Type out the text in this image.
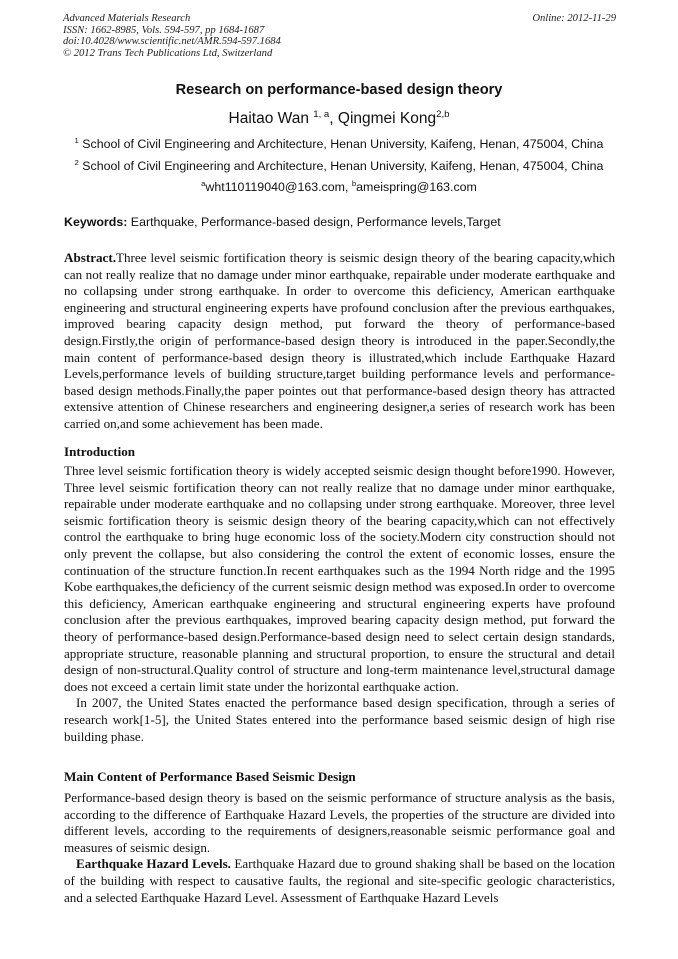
Advanced Materials Research
ISSN: 1662-8985, Vols. 594-597, pp 1684-1687
doi:10.4028/www.scientific.net/AMR.594-597.1684
© 2012 Trans Tech Publications Ltd, Switzerland
Online: 2012-11-29
Research on performance-based design theory
Haitao Wan $^{1, a}$, Qingmei Kong$^{2,b}$
$^1$ School of Civil Engineering and Architecture, Henan University, Kaifeng, Henan, 475004, China
$^2$ School of Civil Engineering and Architecture, Henan University, Kaifeng, Henan, 475004, China
$^a$wht110119040@163.com, $^b$ameispring@163.com
Keywords: Earthquake, Performance-based design, Performance levels,Target

Abstract.Three level seismic fortification theory is seismic design theory of the bearing capacity,which can not really realize that no damage under minor earthquake, repairable under moderate earthquake and no collapsing under strong earthquake. In order to overcome this deficiency, American earthquake engineering and structural engineering experts have profound conclusion after the previous earthquakes, improved bearing capacity design method, put forward the theory of performance-based design.Firstly,the origin of performance-based design theory is introduced in the paper.Secondly,the main content of performance-based design theory is illustrated,which include Earthquake Hazard Levels,performance levels of building structure,target building performance levels and performance- based design methods.Finally,the paper pointes out that performance-based design theory has attracted extensive attention of Chinese researchers and engineering designer,a series of research work has been carried on,and some achievement has been made.

Introduction

Three level seismic fortification theory is widely accepted seismic design thought before1990. However, Three level seismic fortification theory can not really realize that no damage under minor earthquake, repairable under moderate earthquake and no collapsing under strong earthquake. Moreover, three level seismic fortification theory is seismic design theory of the bearing capacity,which can not effectively control the earthquake to bring huge economic loss of the society.Modern city construction should not only prevent the collapse, but also considering the control the extent of economic losses, ensure the continuation of the structure function.In recent earthquakes such as the 1994 North ridge and the 1995 Kobe earthquakes,the deficiency of the current seismic design method was exposed.In order to overcome this deficiency, American earthquake engineering and structural engineering experts have profound conclusion after the previous earthquakes, improved bearing capacity design method, put forward the theory of performance-based design.Performance-based design need to select certain design standards, appropriate structure, reasonable planning and structural proportion, to ensure the structural and detail design of non-structural.Quality control of structure and long-term maintenance level,structural damage does not exceed a certain limit state under the horizontal earthquake action.

In 2007, the United States enacted the performance based design specification, through a series of research work[1-5], the United States entered into the performance based seismic design of high rise building phase.

Main Content of Performance Based Seismic Design

Performance-based design theory is based on the seismic performance of structure analysis as the basis, according to the difference of Earthquake Hazard Levels, the properties of the structure are divided into different levels, according to the requirements of designers,reasonable seismic performance goal and measures of seismic design.

Earthquake Hazard Levels. Earthquake Hazard due to ground shaking shall be based on the location of the building with respect to causative faults, the regional and site-specific geologic characteristics, and a selected Earthquake Hazard Level. Assessment of Earthquake Hazard Levels
